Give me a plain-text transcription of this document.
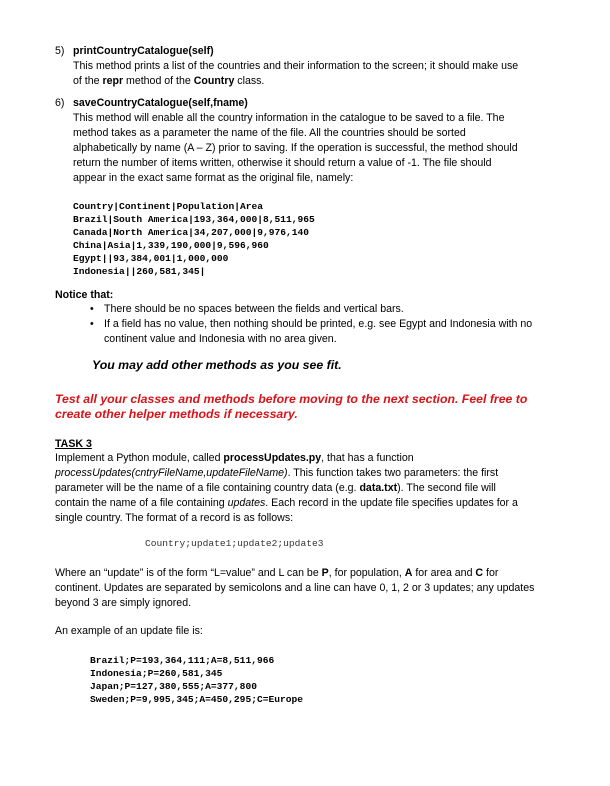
5) printCountryCatalogue(self)
This method prints a list of the countries and their information to the screen; it should make use
of the repr method of the Country class.
6) saveCountryCatalogue(self,fname)
This method will enable all the country information in the catalogue to be saved to a file. The
method takes as a parameter the name of the file. All the countries should be sorted
alphabetically by name (A – Z) prior to saving. If the operation is successful, the method should
return the number of items written, otherwise it should return a value of -1. The file should
appear in the exact same format as the original file, namely:
Country|Continent|Population|Area
Brazil|South America|193,364,000|8,511,965
Canada|North America|34,207,000|9,976,140
China|Asia|1,339,190,000|9,596,960
Egypt||93,384,001|1,000,000
Indonesia||260,581,345|
Notice that:
• There should be no spaces between the fields and vertical bars.
• If a field has no value, then nothing should be printed, e.g. see Egypt and Indonesia with no
continent value and Indonesia with no area given.
You may add other methods as you see fit.
Test all your classes and methods before moving to the next section. Feel free to
create other helper methods if necessary.
TASK 3
Implement a Python module, called processUpdates.py, that has a function
processUpdates(cntryFileName,updateFileName). This function takes two parameters: the first
parameter will be the name of a file containing country data (e.g. data.txt). The second file will
contain the name of a file containing updates. Each record in the update file specifies updates for a
single country. The format of a record is as follows:
Country;update1;update2;update3
Where an “update” is of the form “L=value” and L can be P, for population, A for area and C for
continent. Updates are separated by semicolons and a line can have 0, 1, 2 or 3 updates; any updates
beyond 3 are simply ignored.
An example of an update file is:
Brazil;P=193,364,111;A=8,511,966
Indonesia;P=260,581,345
Japan;P=127,380,555;A=377,800
Sweden;P=9,995,345;A=450,295;C=Europe
